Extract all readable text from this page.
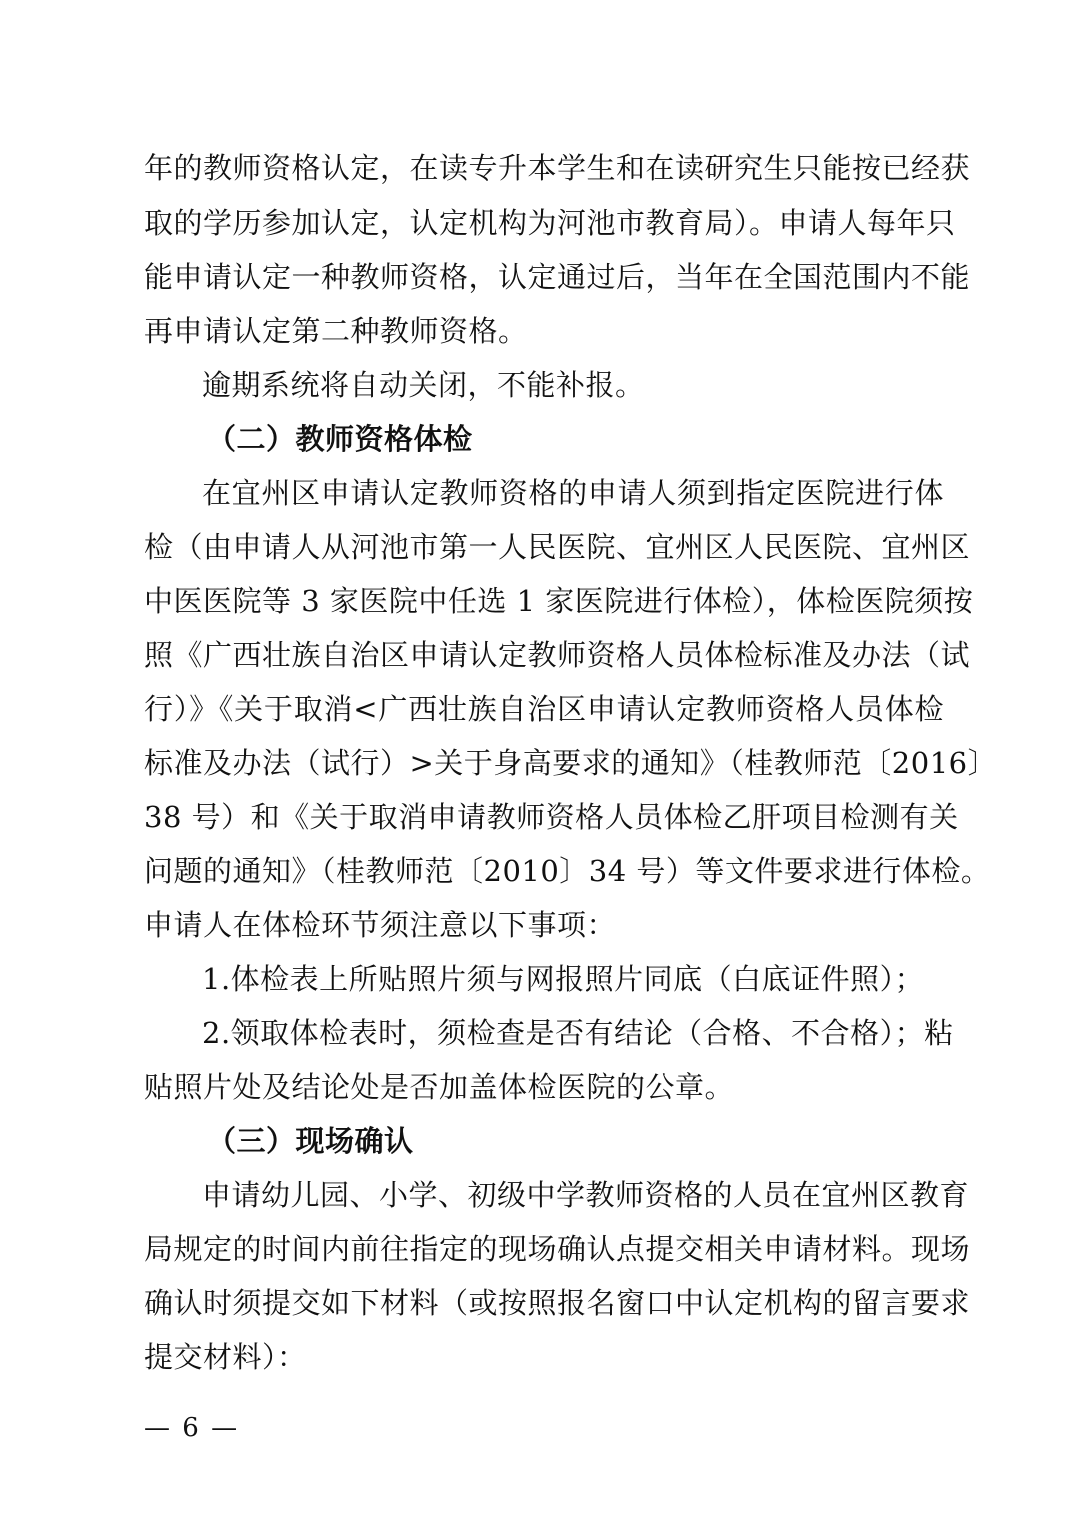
年的教师资格认定，在读专升本学生和在读研究生只能按已经获
取的学历参加认定，认定机构为河池市教育局）。申请人每年只
能申请认定一种教师资格，认定通过后，当年在全国范围内不能
再申请认定第二种教师资格。
逾期系统将自动关闭，不能补报。
（二）教师资格体检
在宜州区申请认定教师资格的申请人须到指定医院进行体
检（由申请人从河池市第一人民医院、宜州区人民医院、宜州区
中医医院等 3 家医院中任选 1 家医院进行体检），体检医院须按
照《广西壮族自治区申请认定教师资格人员体检标准及办法（试
行）》《关于取消<广西壮族自治区申请认定教师资格人员体检
标准及办法（试行）>关于身高要求的通知》（桂教师范〔2016〕
38 号）和《关于取消申请教师资格人员体检乙肝项目检测有关
问题的通知》（桂教师范〔2010〕34 号）等文件要求进行体检。
申请人在体检环节须注意以下事项：
1.体检表上所贴照片须与网报照片同底（白底证件照）；
2.领取体检表时，须检查是否有结论（合格、不合格）；粘
贴照片处及结论处是否加盖体检医院的公章。
（三）现场确认
申请幼儿园、小学、初级中学教师资格的人员在宜州区教育
局规定的时间内前往指定的现场确认点提交相关申请材料。现场
确认时须提交如下材料（或按照报名窗口中认定机构的留言要求
提交材料）：
— 6 —
